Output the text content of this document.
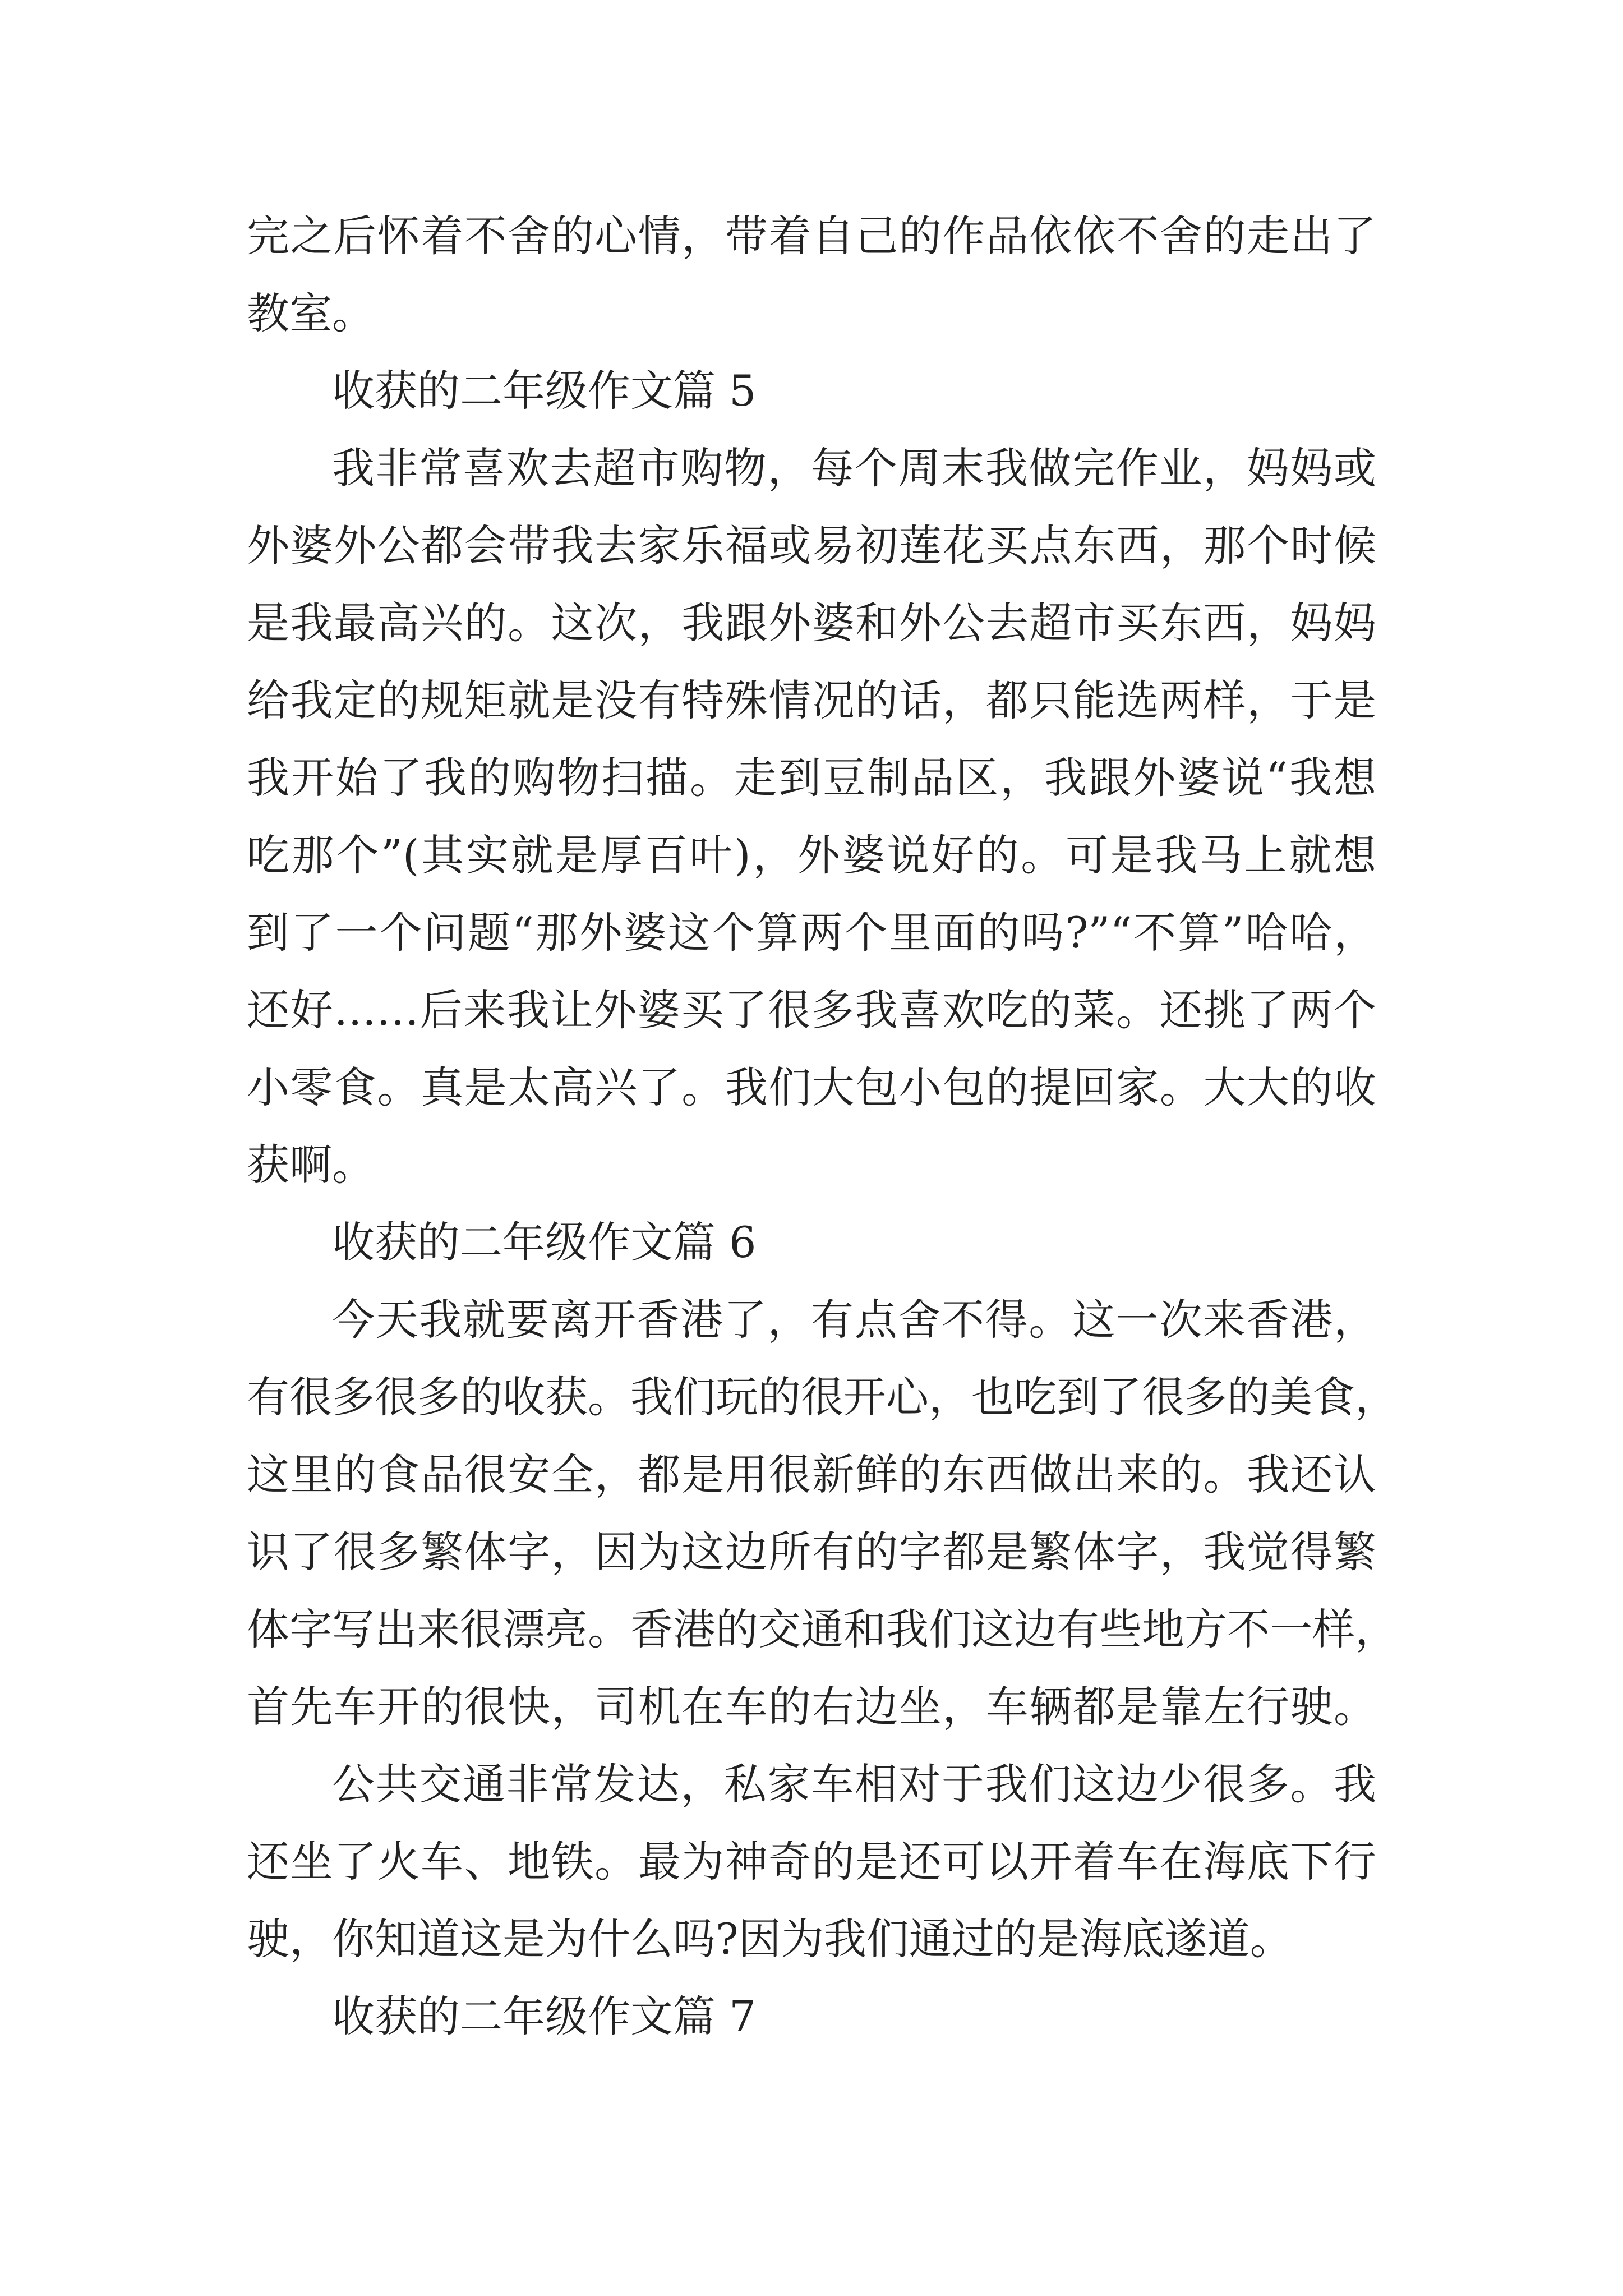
完之后怀着不舍的心情，带着自己的作品依依不舍的走出了
教室。
收获的二年级作文篇 5
我非常喜欢去超市购物，每个周末我做完作业，妈妈或
外婆外公都会带我去家乐福或易初莲花买点东西，那个时候
是我最高兴的。这次，我跟外婆和外公去超市买东西，妈妈
给我定的规矩就是没有特殊情况的话，都只能选两样，于是
我开始了我的购物扫描。走到豆制品区，我跟外婆说“我想
吃那个”(其实就是厚百叶)，外婆说好的。可是我马上就想
到了一个问题“那外婆这个算两个里面的吗?”“不算”哈哈，
还好……后来我让外婆买了很多我喜欢吃的菜。还挑了两个
小零食。真是太高兴了。我们大包小包的提回家。大大的收
获啊。
收获的二年级作文篇 6
今天我就要离开香港了，有点舍不得。这一次来香港，
有很多很多的收获。我们玩的很开心，也吃到了很多的美食，
这里的食品很安全，都是用很新鲜的东西做出来的。我还认
识了很多繁体字，因为这边所有的字都是繁体字，我觉得繁
体字写出来很漂亮。香港的交通和我们这边有些地方不一样，
首先车开的很快，司机在车的右边坐，车辆都是靠左行驶。
公共交通非常发达，私家车相对于我们这边少很多。我
还坐了火车、地铁。最为神奇的是还可以开着车在海底下行
驶，你知道这是为什么吗?因为我们通过的是海底遂道。
收获的二年级作文篇 7
